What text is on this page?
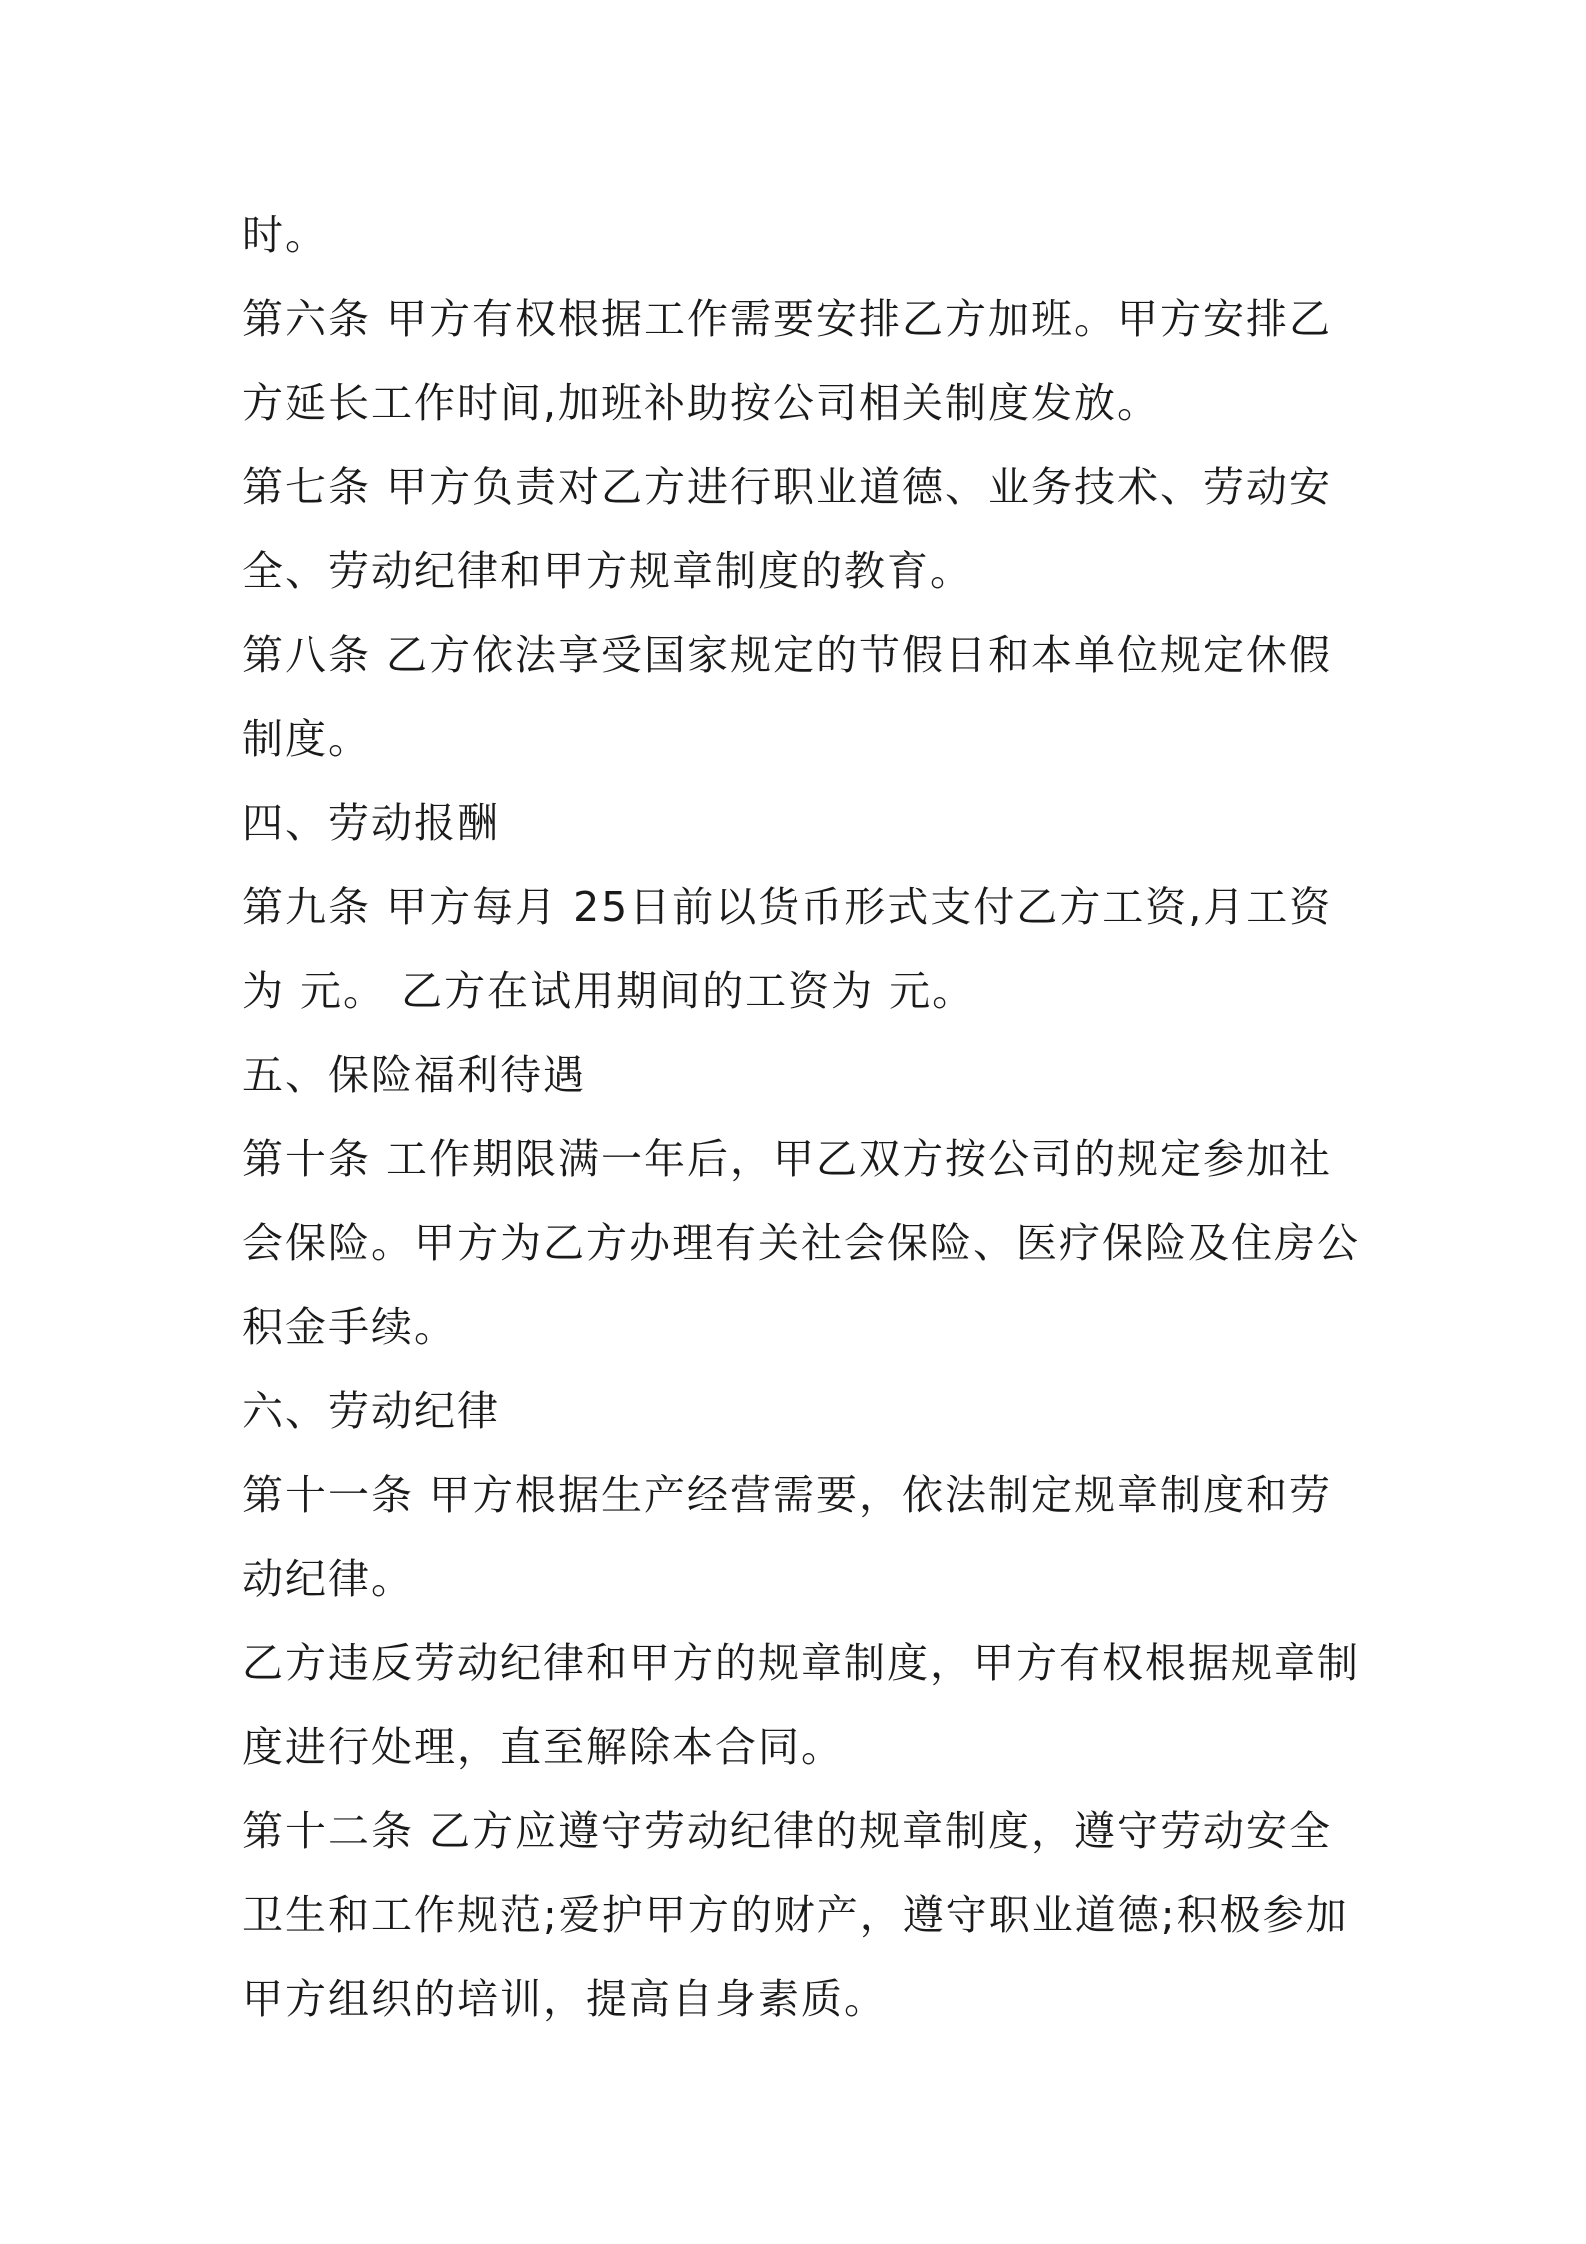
时。
第六条 甲方有权根据工作需要安排乙方加班。甲方安排乙
方延长工作时间,加班补助按公司相关制度发放。
第七条 甲方负责对乙方进行职业道德、业务技术、劳动安
全、劳动纪律和甲方规章制度的教育。
第八条 乙方依法享受国家规定的节假日和本单位规定休假
制度。
四、劳动报酬
第九条 甲方每月 25日前以货币形式支付乙方工资,月工资
为 元。 乙方在试用期间的工资为 元。
五、保险福利待遇
第十条 工作期限满一年后，甲乙双方按公司的规定参加社
会保险。甲方为乙方办理有关社会保险、医疗保险及住房公
积金手续。
六、劳动纪律
第十一条 甲方根据生产经营需要，依法制定规章制度和劳
动纪律。
乙方违反劳动纪律和甲方的规章制度，甲方有权根据规章制
度进行处理，直至解除本合同。
第十二条 乙方应遵守劳动纪律的规章制度，遵守劳动安全
卫生和工作规范;爱护甲方的财产，遵守职业道德;积极参加
甲方组织的培训，提高自身素质。
